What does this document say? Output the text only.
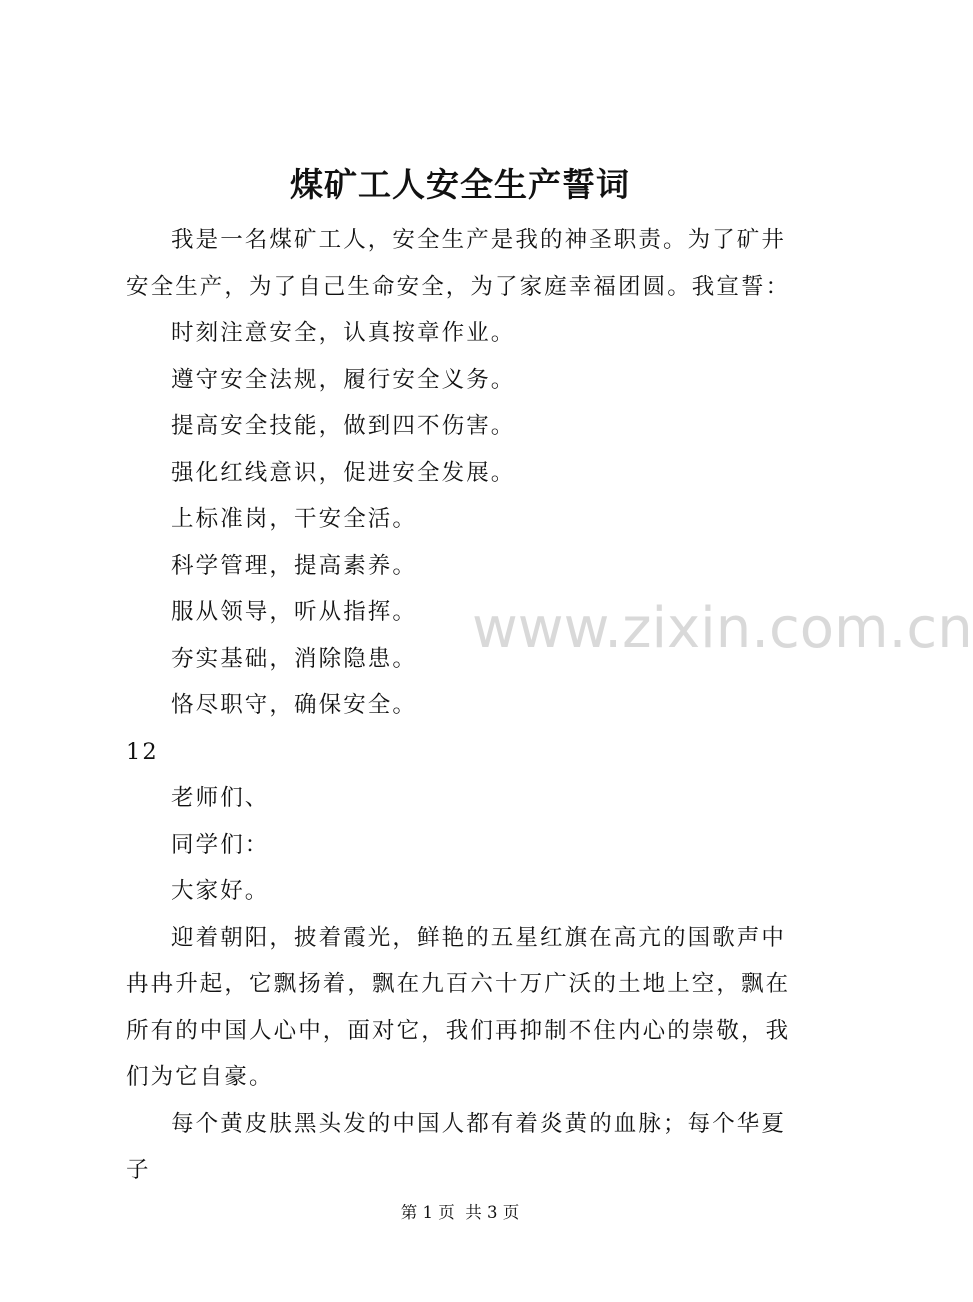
煤矿工人安全生产誓词

我是一名煤矿工人，安全生产是我的神圣职责。为了矿井安全生产，为了自己生命安全，为了家庭幸福团圆。我宣誓：

时刻注意安全，认真按章作业。

遵守安全法规，履行安全义务。

提高安全技能，做到四不伤害。

强化红线意识，促进安全发展。

上标准岗，干安全活。

科学管理，提高素养。

服从领导，听从指挥。

夯实基础，消除隐患。

恪尽职守，确保安全。

12

老师们、

同学们：

大家好。

迎着朝阳，披着霞光，鲜艳的五星红旗在高亢的国歌声中冉冉升起，它飘扬着，飘在九百六十万广沃的土地上空，飘在所有的中国人心中，面对它，我们再抑制不住内心的崇敬，我们为它自豪。

每个黄皮肤黑头发的中国人都有着炎黄的血脉；每个华夏子

www.zixin.com.cn
第 1 页  共 3 页
